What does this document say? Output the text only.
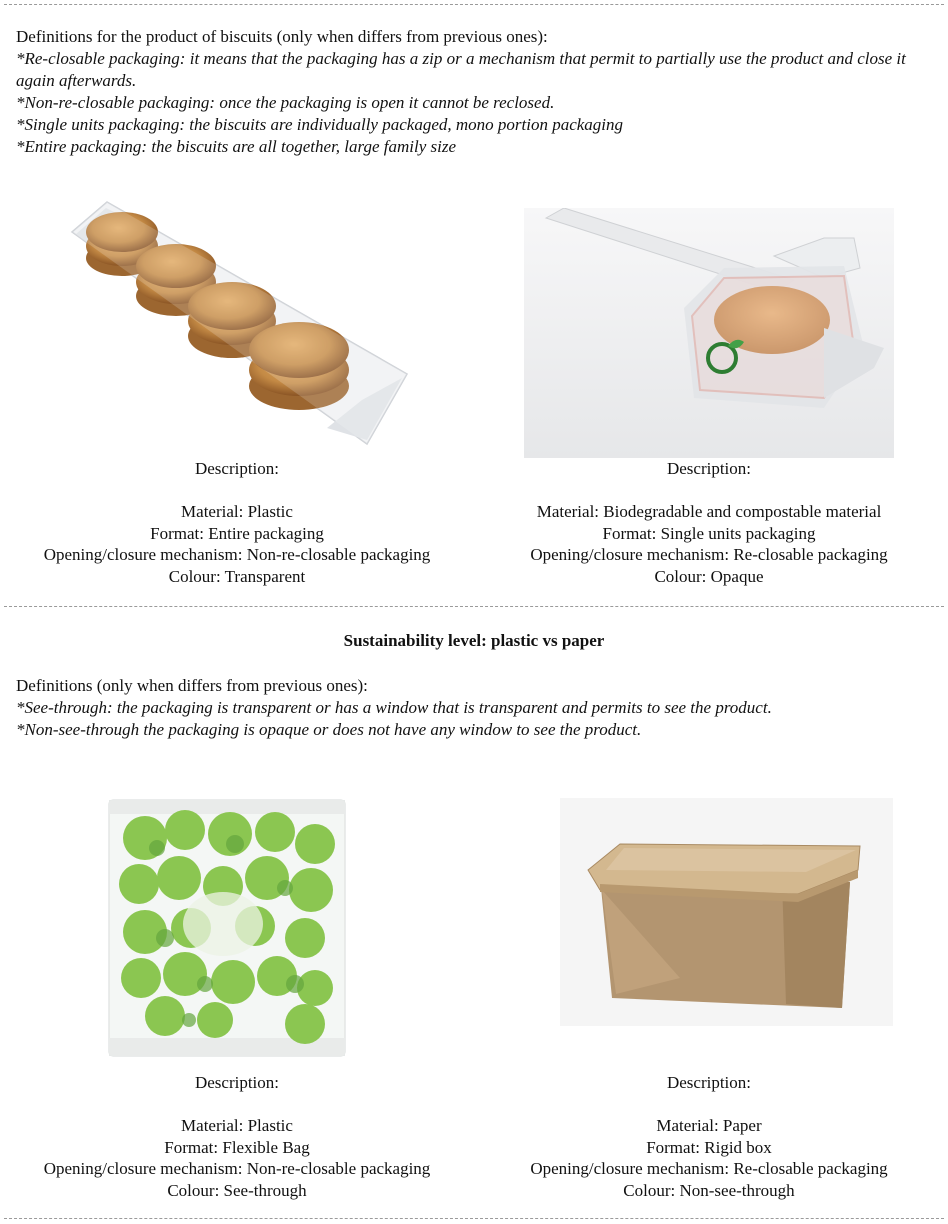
Definitions for the product of biscuits (only when differs from previous ones):

*Re-closable packaging: it means that the packaging has a zip or a mechanism that permit to partially use the product and close it again afterwards.

*Non-re-closable packaging: once the packaging is open it cannot be reclosed.

*Single units packaging: the biscuits are individually packaged, mono portion packaging

*Entire packaging: the biscuits are all together, large family size

Description:

Material: Plastic

Format: Entire packaging

Opening/closure mechanism: Non-re-closable packaging

Colour: Transparent

Description:

Material: Biodegradable and compostable material

Format: Single units packaging

Opening/closure mechanism: Re-closable packaging

Colour: Opaque

Sustainability level: plastic vs paper

Definitions (only when differs from previous ones):

*See-through: the packaging is transparent or has a window that is transparent and permits to see the product.

*Non-see-through the packaging is opaque or does not have any window to see the product.

Description:

Material: Plastic

Format: Flexible Bag

Opening/closure mechanism: Non-re-closable packaging

Colour: See-through

Description:

Material: Paper

Format: Rigid box

Opening/closure mechanism: Re-closable packaging

Colour: Non-see-through
